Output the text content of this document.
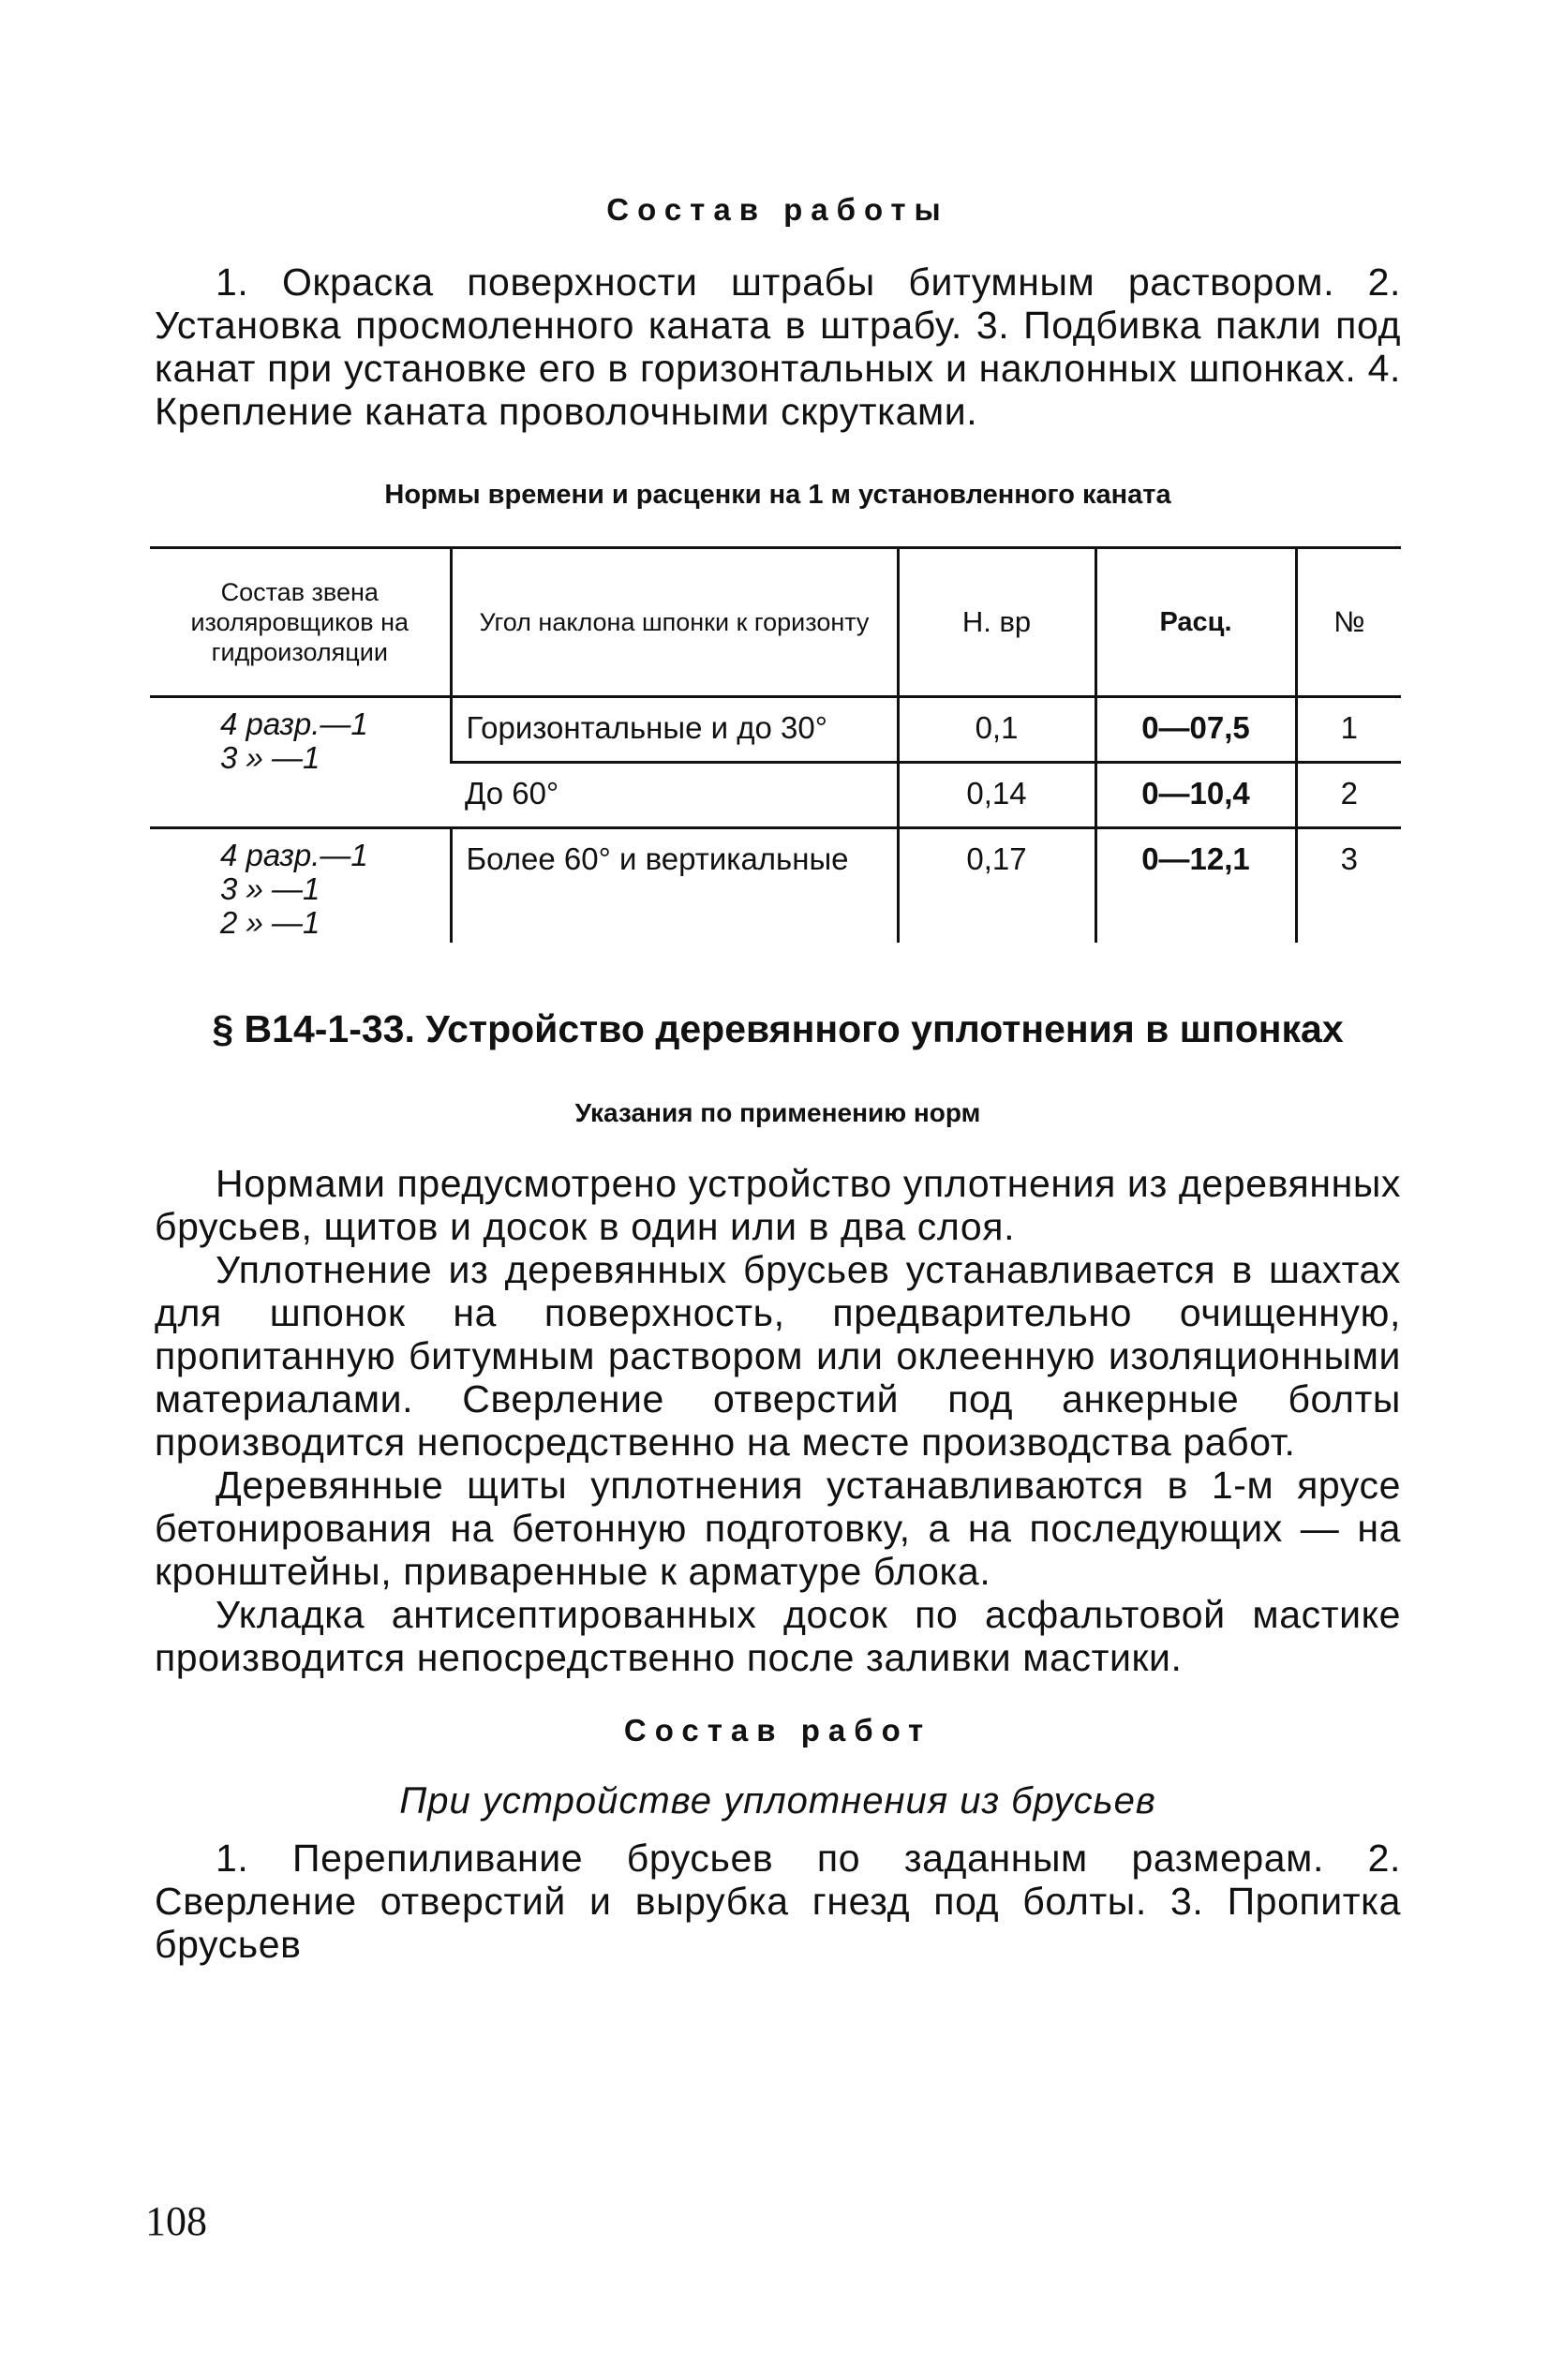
Состав работы

1. Окраска поверхности штрабы битумным раствором. 2. Установка просмоленного каната в штрабу. 3. Подбивка пакли под канат при установке его в горизонтальных и наклонных шпонках. 4. Крепление каната проволочными скрутками.

Нормы времени и расценки на 1 м установленного каната
Состав звена изоляровщиков на гидроизоляции	Угол наклона шпонки к горизонту	Н. вр	Расц.	№

4 разр.—1
3 » —1	Горизонтальные и до 30°	0,1	0—07,5	1
	До 60°	0,14	0—10,4	2

4 разр.—1
3 » —1
2 » —1	Более 60° и вертикальные	0,17	0—12,1	3
§ В14-1-33. Устройство деревянного уплотнения в шпонках
Указания по применению норм

Нормами предусмотрено устройство уплотнения из деревянных брусьев, щитов и досок в один или в два слоя.

Уплотнение из деревянных брусьев устанавливается в шахтах для шпонок на поверхность, предварительно очищенную, пропитанную битумным раствором или оклеенную изоляционными материалами. Сверление отверстий под анкерные болты производится непосредственно на месте производства работ.

Деревянные щиты уплотнения устанавливаются в 1-м ярусе бетонирования на бетонную подготовку, а на последующих — на кронштейны, приваренные к арматуре блока.

Укладка антисептированных досок по асфальтовой мастике производится непосредственно после заливки мастики.

Состав работ
При устройстве уплотнения из брусьев

1. Перепиливание брусьев по заданным размерам. 2. Сверление отверстий и вырубка гнезд под болты. 3. Пропитка брусьев

108
